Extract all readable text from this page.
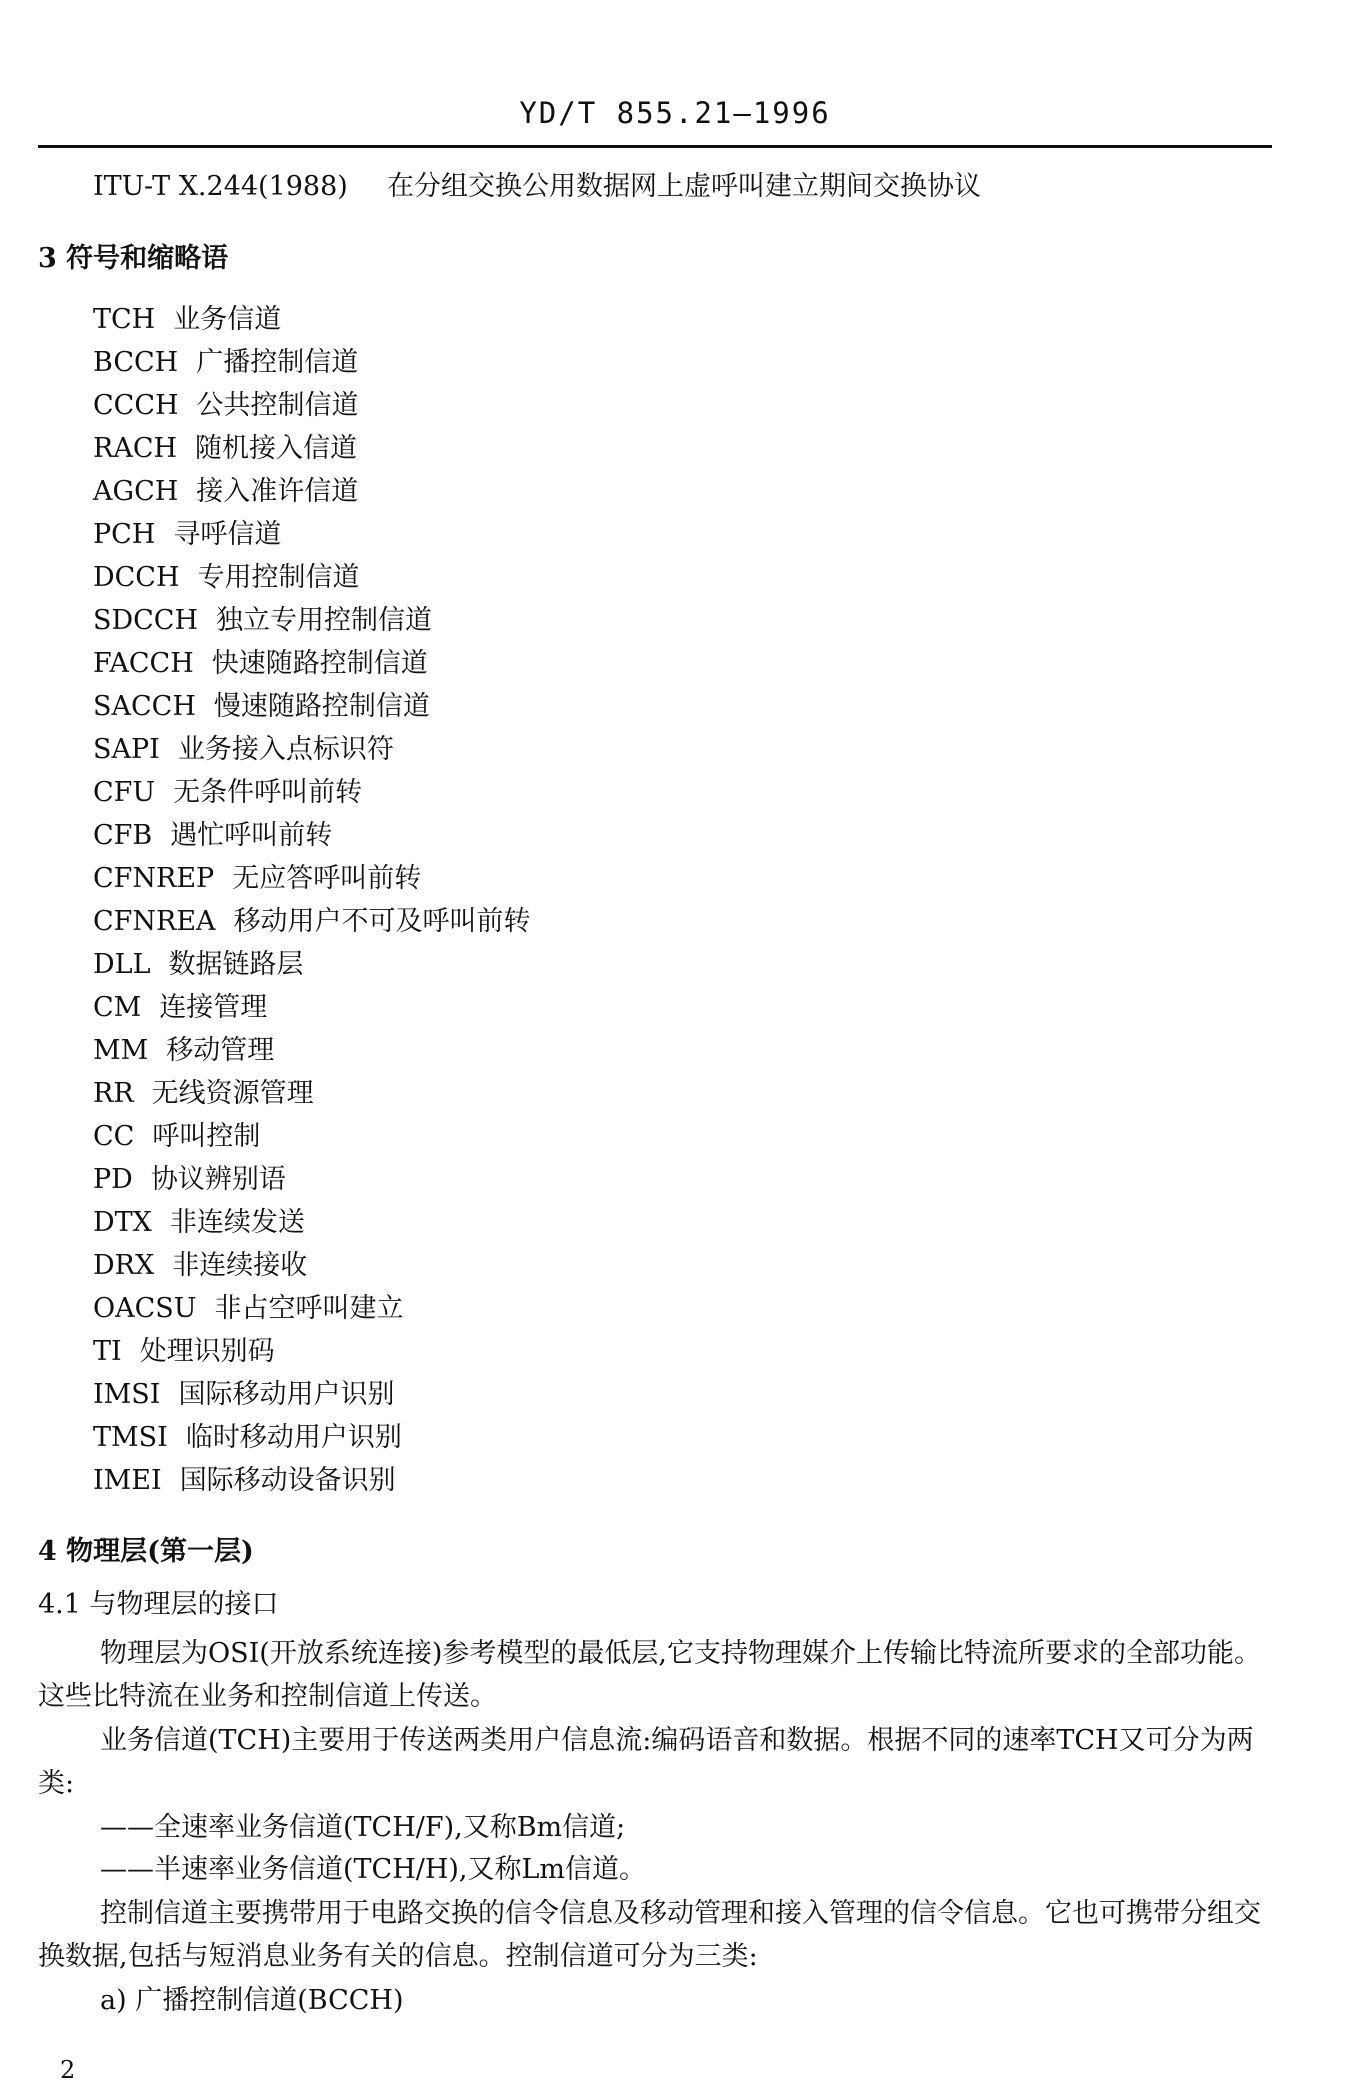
YD/T 855.21—1996
ITU-T X.244(1988) 在分组交换公用数据网上虚呼叫建立期间交换协议
3 符号和缩略语
TCH 业务信道
BCCH 广播控制信道
CCCH 公共控制信道
RACH 随机接入信道
AGCH 接入准许信道
PCH 寻呼信道
DCCH 专用控制信道
SDCCH 独立专用控制信道
FACCH 快速随路控制信道
SACCH 慢速随路控制信道
SAPI 业务接入点标识符
CFU 无条件呼叫前转
CFB 遇忙呼叫前转
CFNREP 无应答呼叫前转
CFNREA 移动用户不可及呼叫前转
DLL 数据链路层
CM 连接管理
MM 移动管理
RR 无线资源管理
CC 呼叫控制
PD 协议辨别语
DTX 非连续发送
DRX 非连续接收
OACSU 非占空呼叫建立
TI 处理识别码
IMSI 国际移动用户识别
TMSI 临时移动用户识别
IMEI 国际移动设备识别
4 物理层(第一层)
4.1 与物理层的接口
物理层为OSI(开放系统连接)参考模型的最低层,它支持物理媒介上传输比特流所要求的全部功能。这些比特流在业务和控制信道上传送。
业务信道(TCH)主要用于传送两类用户信息流:编码语音和数据。根据不同的速率TCH又可分为两类:
——全速率业务信道(TCH/F),又称Bm信道;
——半速率业务信道(TCH/H),又称Lm信道。
控制信道主要携带用于电路交换的信令信息及移动管理和接入管理的信令信息。它也可携带分组交换数据,包括与短消息业务有关的信息。控制信道可分为三类:
a) 广播控制信道(BCCH)
2
